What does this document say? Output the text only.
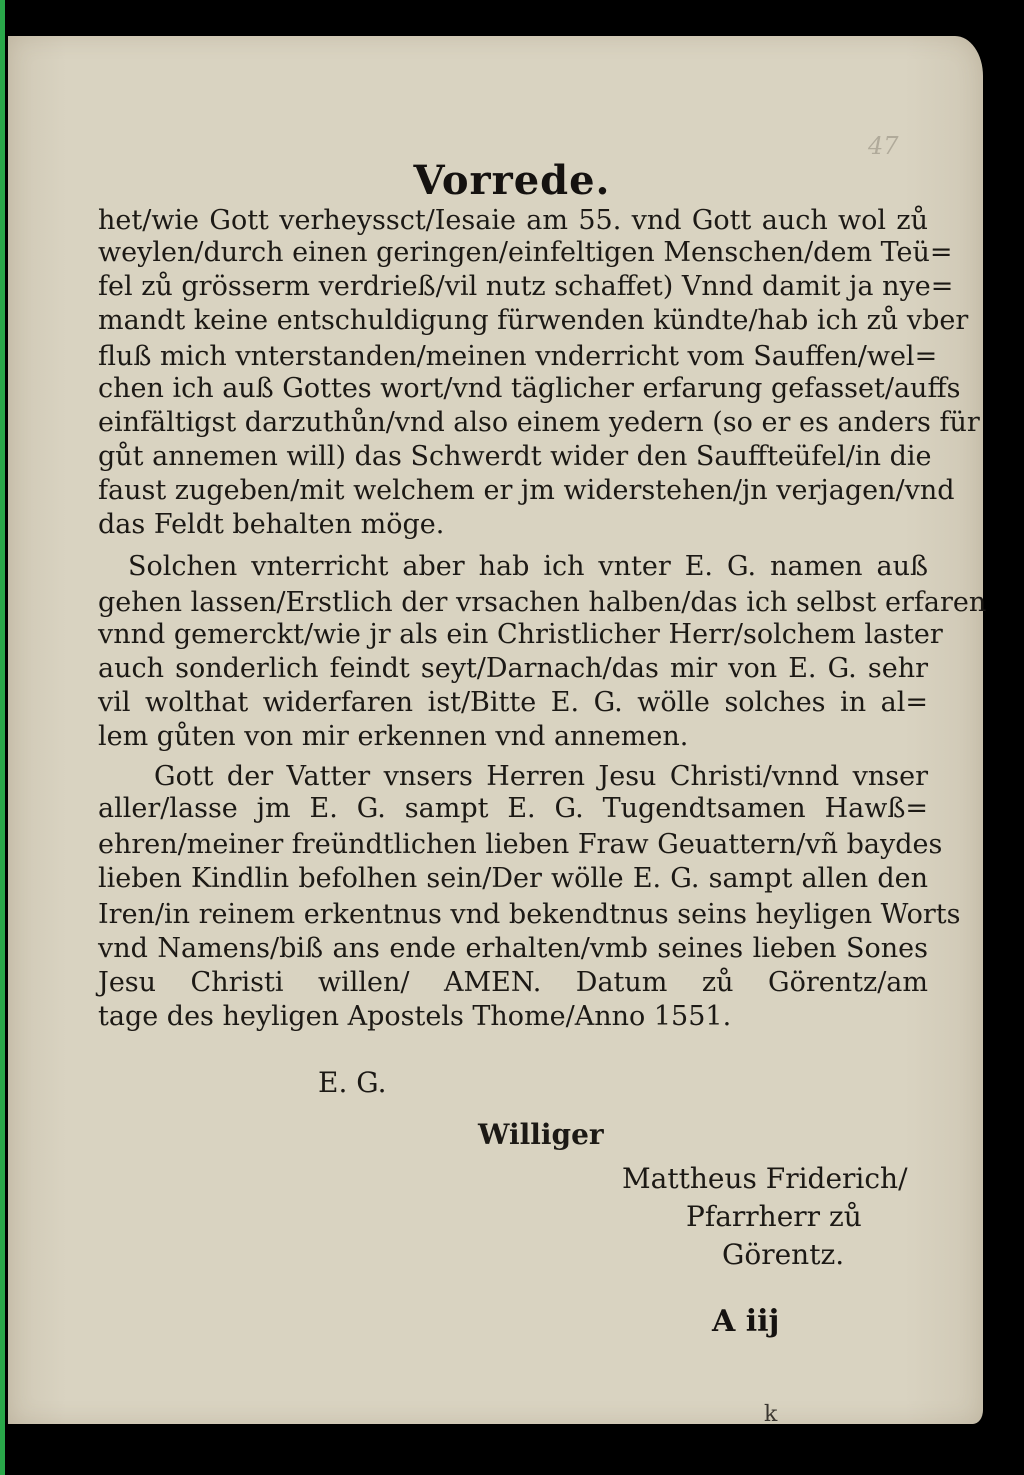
47
Vorrede.
het/wie Gott verheyssct/Iesaie am 55. vnd Gott auch wol zů
weylen/durch einen geringen/einfeltigen Menschen/dem Teü=
fel zů grösserm verdrieß/vil nutz schaffet) Vnnd damit ja nye=
mandt keine entschuldigung fürwenden kündte/hab ich zů vber
fluß mich vnterstanden/meinen vnderricht vom Sauffen/wel=
chen ich auß Gottes wort/vnd täglicher erfarung gefasset/auffs
einfältigst darzuthůn/vnd also einem yedern (so er es anders für
gůt annemen will) das Schwerdt wider den Sauffteüfel/in die
faust zugeben/mit welchem er jm widerstehen/jn verjagen/vnd
das Feldt behalten möge.
Solchen vnterricht aber hab ich vnter E. G. namen auß
gehen lassen/Erstlich der vrsachen halben/das ich selbst erfaren
vnnd gemerckt/wie jr als ein Christlicher Herr/solchem laster
auch sonderlich feindt seyt/Darnach/das mir von E. G. sehr
vil wolthat widerfaren ist/Bitte E. G. wölle solches in al=
lem gůten von mir erkennen vnd annemen.
Gott der Vatter vnsers Herren Jesu Christi/vnnd vnser
aller/lasse jm E. G. sampt E. G. Tugendtsamen Hawß=
ehren/meiner freündtlichen lieben Fraw Geuattern/vñ baydes
lieben Kindlin befolhen sein/Der wölle E. G. sampt allen den
Iren/in reinem erkentnus vnd bekendtnus seins heyligen Worts
vnd Namens/biß ans ende erhalten/vmb seines lieben Sones
Jesu Christi willen/ AMEN. Datum zů Görentz/am
tage des heyligen Apostels Thome/Anno 1551.
E. G.
Williger
Mattheus Friderich/
Pfarrherr zů
Görentz.
A iij
k
